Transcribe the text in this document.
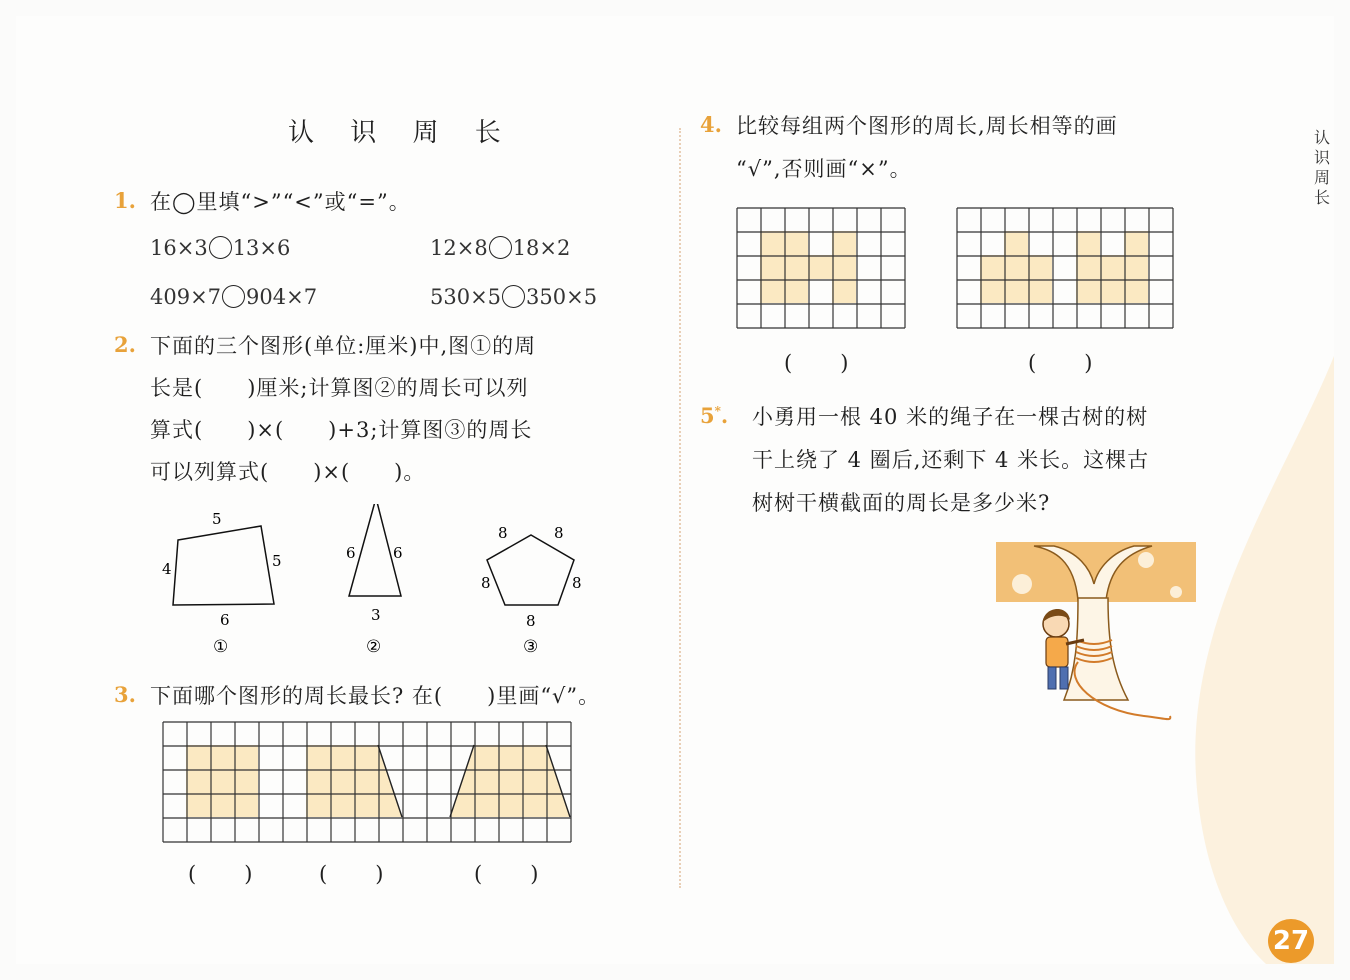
认 识 周 长
1. 在◯里填“>”“<”或“=”。
16×3 13×6	12×8 18×2
409×7 904×7	530×5 350×5
2. 下面的三个图形(单位:厘米)中,图①的周
长是(　　)厘米;计算图②的周长可以列
算式(　　)×(　　)+3;计算图③的周长
可以列算式(　　)×(　　)。
5
4	5
6
①
6 6
3
②
8	8
8	8
8
③
3. 下面哪个图形的周长最长? 在(　　)里画“√”。
(　　)	(　　)	(　　)
4. 比较每组两个图形的周长,周长相等的画
“√”,否则画“×”。
(　　)	(　　)
5*. 小勇用一根 40 米的绳子在一棵古树的树
干上绕了 4 圈后,还剩下 4 米长。这棵古
树树干横截面的周长是多少米?
认识周长
27
